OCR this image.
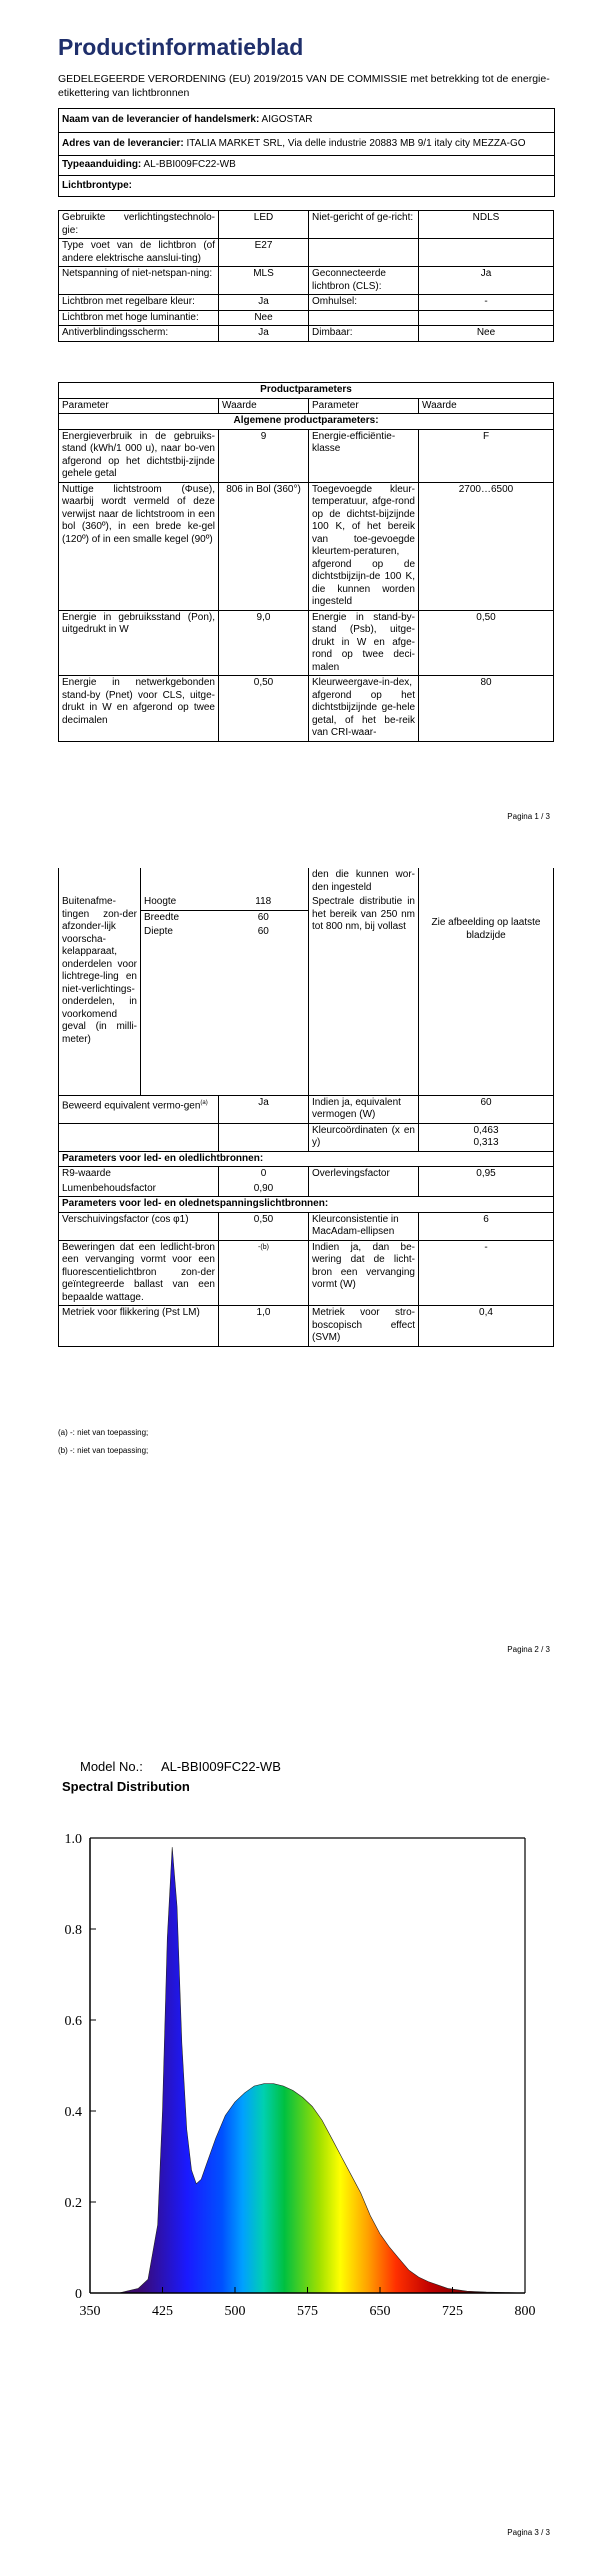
Productinformatieblad
GEDELEGEERDE VERORDENING (EU) 2019/2015 VAN DE COMMISSIE met betrekking tot de energie-etikettering van lichtbronnen
Naam van de leverancier of handelsmerk: AIGOSTAR
Adres van de leverancier: ITALIA MARKET SRL, Via delle industrie 20883 MB 9/1 italy city MEZZA-GO
Typeaanduiding: AL-BBI009FC22-WB
Lichtbrontype:
Gebruikte verlichtingstechnolo-gie:	LED	Niet-gericht of ge-richt:	NDLS
Type voet van de lichtbron (of andere elektrische aanslui-ting)	E27		
Netspanning of niet-netspan-ning:	MLS	Geconnecteerde lichtbron (CLS):	Ja
Lichtbron met regelbare kleur:	Ja	Omhulsel:	-
Lichtbron met hoge luminantie:	Nee		
Antiverblindingsscherm:	Ja	Dimbaar:	Nee
Productparameters			
Parameter	Waarde	Parameter	Waarde
Algemene productparameters:			
Energieverbruik in de gebruiks-stand (kWh/1 000 u), naar bo-ven afgerond op het dichtstbij-zijnde gehele getal	9	Energie-efficiëntie-klasse	F
Nuttige lichtstroom (Φuse), waarbij wordt vermeld of deze verwijst naar de lichtstroom in een bol (360º), in een brede ke-gel (120º) of in een smalle kegel (90º)	806 in Bol (360°)	Toegevoegde kleur-temperatuur, afge-rond op de dichtst-bijzijnde 100 K, of het bereik van toe-gevoegde kleurtem-peraturen, afgerond op de dichtstbijzijn-de 100 K, die kunnen worden ingesteld	2700…6500
Energie in gebruiksstand (Pon), uitgedrukt in W	9,0	Energie in stand-by-stand (Psb), uitge-drukt in W en afge-rond op twee deci-malen	0,50
Energie in netwerkgebonden stand-by (Pnet) voor CLS, uitge-drukt in W en afgerond op twee decimalen	0,50	Kleurweergave-in-dex, afgerond op het dichtstbijzijnde ge-hele getal, of het be-reik van CRI-waar-	80
Pagina 1 / 3
			den die kunnen wor-den ingesteld	
Buitenafme-tingen zon-der afzonder-lijk voorscha-kelapparaat, onderdelen voor lichtrege-ling en niet-verlichtings-onderdelen, in voorkomend geval (in milli-meter)	Hoogte	118	Spectrale distributie in het bereik van 250 nm tot 800 nm, bij vollast	Zie afbeelding op laatste bladzijde
	Breedte	60		
	Diepte	60		
Beweerd equivalent vermo-gen$^{(a)}$		Ja	Indien ja, equivalent vermogen (W)	60
			Kleurcoördinaten (x en y)	0,463
0,313

Parameters voor led- en oledlichtbronnen:				
R9-waarde		0	Overlevingsfactor	0,95
Lumenbehoudsfactor		0,90		
Parameters voor led- en olednetspanningslichtbronnen:				
Verschuivingsfactor (cos φ1)		0,50	Kleurconsistentie in MacAdam-ellipsen	6
Beweringen dat een ledlicht-bron een vervanging vormt voor een fluorescentielichtbron zon-der geïntegreerde ballast van een bepaalde wattage.		-(b)	Indien ja, dan be-wering dat de licht-bron een vervanging vormt (W)	-
Metriek voor flikkering (Pst LM)		1,0	Metriek voor stro-boscopisch effect (SVM)	0,4
(a) -: niet van toepassing;
(b) -: niet van toepassing;
Pagina 2 / 3
Model No.: AL-BBI009FC22-WB
Spectral Distribution
350	425	500	575	650	725	800
0
0.2
0.4
0.6
0.8
1.0
Pagina 3 / 3
